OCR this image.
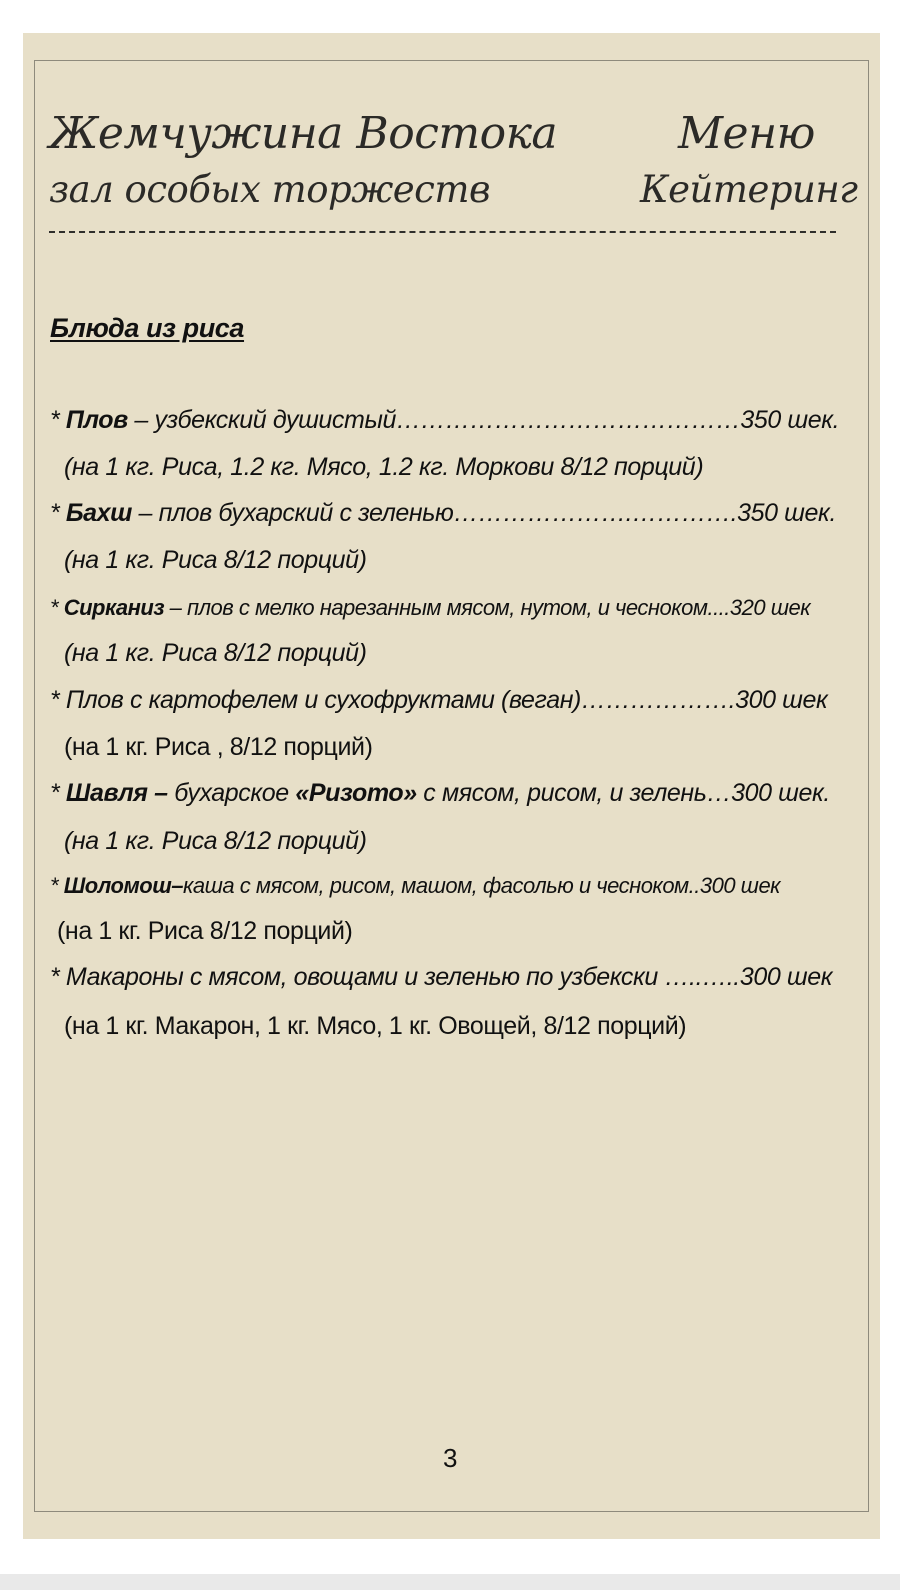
Жемчужина Востока	Меню
зал особых торжеств	Кейтеринг
Блюда из риса
* Плов – узбекский душистый……………………………………350 шек.
(на 1 кг. Риса, 1.2 кг. Мясо, 1.2 кг. Моркови 8/12 порций)
* Бахш – плов бухарский с зеленью………………….………….350 шек.
(на 1 кг. Риса 8/12 порций)
* Сирканиз – плов с мелко нарезанным мясом, нутом, и чесноком....320 шек
(на 1 кг. Риса 8/12 порций)
* Плов с картофелем и сухофруктами (веган)……………….300 шек
(на 1 кг. Риса , 8/12 порций)
* Шавля – бухарское «Ризото» с мясом, рисом, и зелень…300 шек.
(на 1 кг. Риса 8/12 порций)
* Шоломош–каша с мясом, рисом, машом, фасолью и чесноком..300 шек
(на 1 кг. Риса 8/12 порций)
* Макароны с мясом, овощами и зеленью по узбекски …..…..300 шек
(на 1 кг. Макарон, 1 кг. Мясо, 1 кг. Овощей, 8/12 порций)
3
